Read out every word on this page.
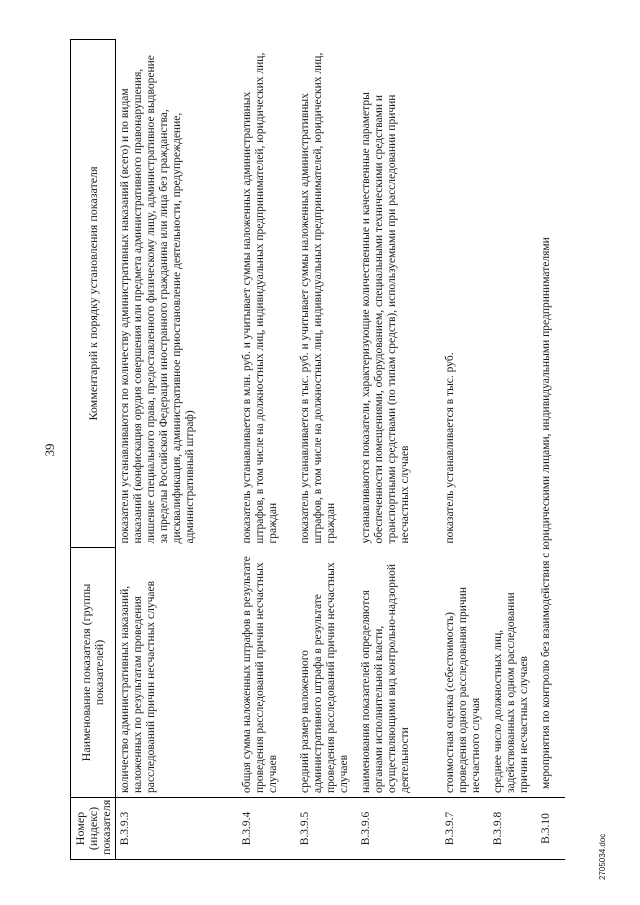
39
Номер (индекс) показателя	Наименование показателя (группы показателей)	Комментарий к порядку установления показателя
В.3.9.3	количество административных наказаний, наложенных по результатам проведения расследований причин несчастных случаев	показатели устанавливаются по количеству административных наказаний (всего) и по видам наказаний (конфискация орудия совершения или предмета административного правонарушения, лишение специального права, предоставленного физическому лицу, административное выдворение за пределы Российской Федерации иностранного гражданина или лица без гражданства, дисквалификация, административное приостановление деятельности, предупреждение, административный штраф)
В.3.9.4	общая сумма наложенных штрафов в результате проведения расследований причин несчастных случаев	показатель устанавливается в млн. руб. и учитывает суммы наложенных административных штрафов, в том числе на должностных лиц, индивидуальных предпринимателей, юридических лиц, граждан
В.3.9.5	средний размер наложенного административного штрафа в результате проведения расследований причин несчастных случаев	показатель устанавливается в тыс. руб. и учитывает суммы наложенных административных штрафов, в том числе на должностных лиц, индивидуальных предпринимателей, юридических лиц, граждан
В.3.9.6	наименования показателей определяются органами исполнительной власти, осуществляющими вид контрольно-надзорной деятельности	устанавливаются показатели, характеризующие количественные и качественные параметры обеспеченности помещениями, оборудованием, специальными техническими средствами и транспортными средствами (по типам средств), используемыми при расследовании причин несчастных случаев
В.3.9.7	стоимостная оценка (себестоимость) проведения одного расследования причин несчастного случая	показатель устанавливается в тыс. руб.
В.3.9.8	среднее число должностных лиц, задействованных в одном расследовании причин несчастных случаев	
В.3.10	мероприятия по контролю без взаимодействия с юридическими лицами, индивидуальными предпринимателями	
2705034.doc
